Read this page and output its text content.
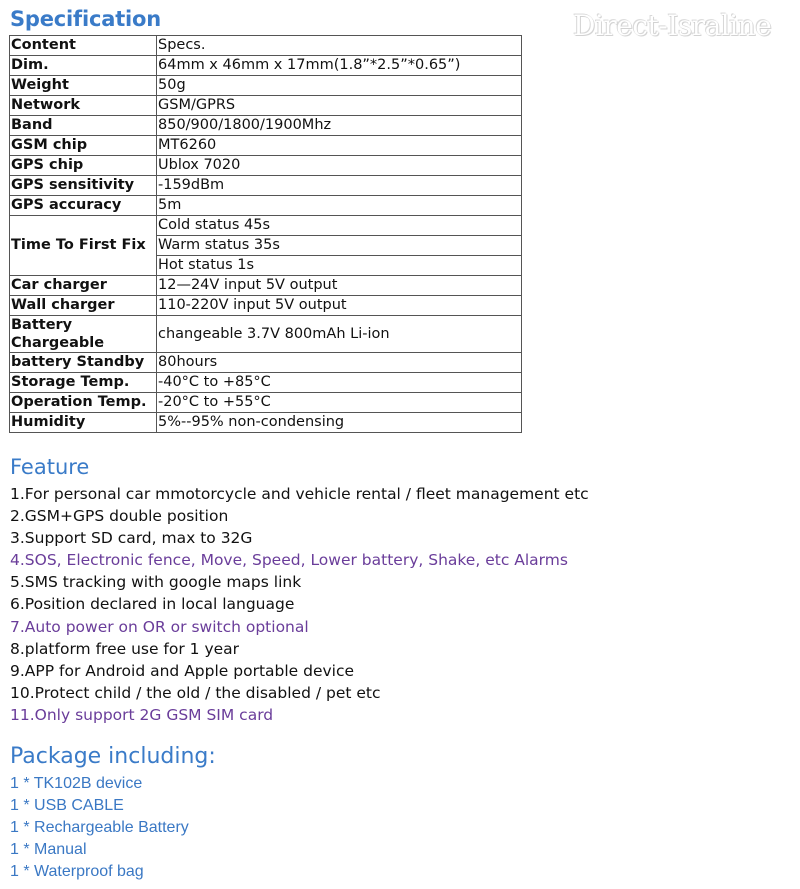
Specification	Direct-Israline
Content	Specs.
Dim.	64mm x 46mm x 17mm(1.8”*2.5”*0.65”)
Weight	50g
Network	GSM/GPRS
Band	850/900/1800/1900Mhz
GSM chip	MT6260
GPS chip	Ublox 7020
GPS sensitivity	-159dBm
GPS accuracy	5m
Time To First Fix	Cold status 45s
	Warm status 35s
	Hot status 1s
Car charger	12—24V input 5V output
Wall charger	110-220V input 5V output
Battery Chargeable	changeable 3.7V 800mAh Li-ion
battery Standby	80hours
Storage Temp.	-40°C to +85°C
Operation Temp.	-20°C to +55°C
Humidity	5%--95% non-condensing
Feature
1.For personal car mmotorcycle and vehicle rental / fleet management etc
2.GSM+GPS double position
3.Support SD card, max to 32G
4.SOS, Electronic fence, Move, Speed, Lower battery, Shake, etc Alarms
5.SMS tracking with google maps link
6.Position declared in local language
7.Auto power on OR or switch optional
8.platform free use for 1 year
9.APP for Android and Apple portable device
10.Protect child / the old / the disabled / pet etc
11.Only support 2G GSM SIM card
Package including:
1 * TK102B device
1 * USB CABLE
1 * Rechargeable Battery
1 * Manual
1 * Waterproof bag
